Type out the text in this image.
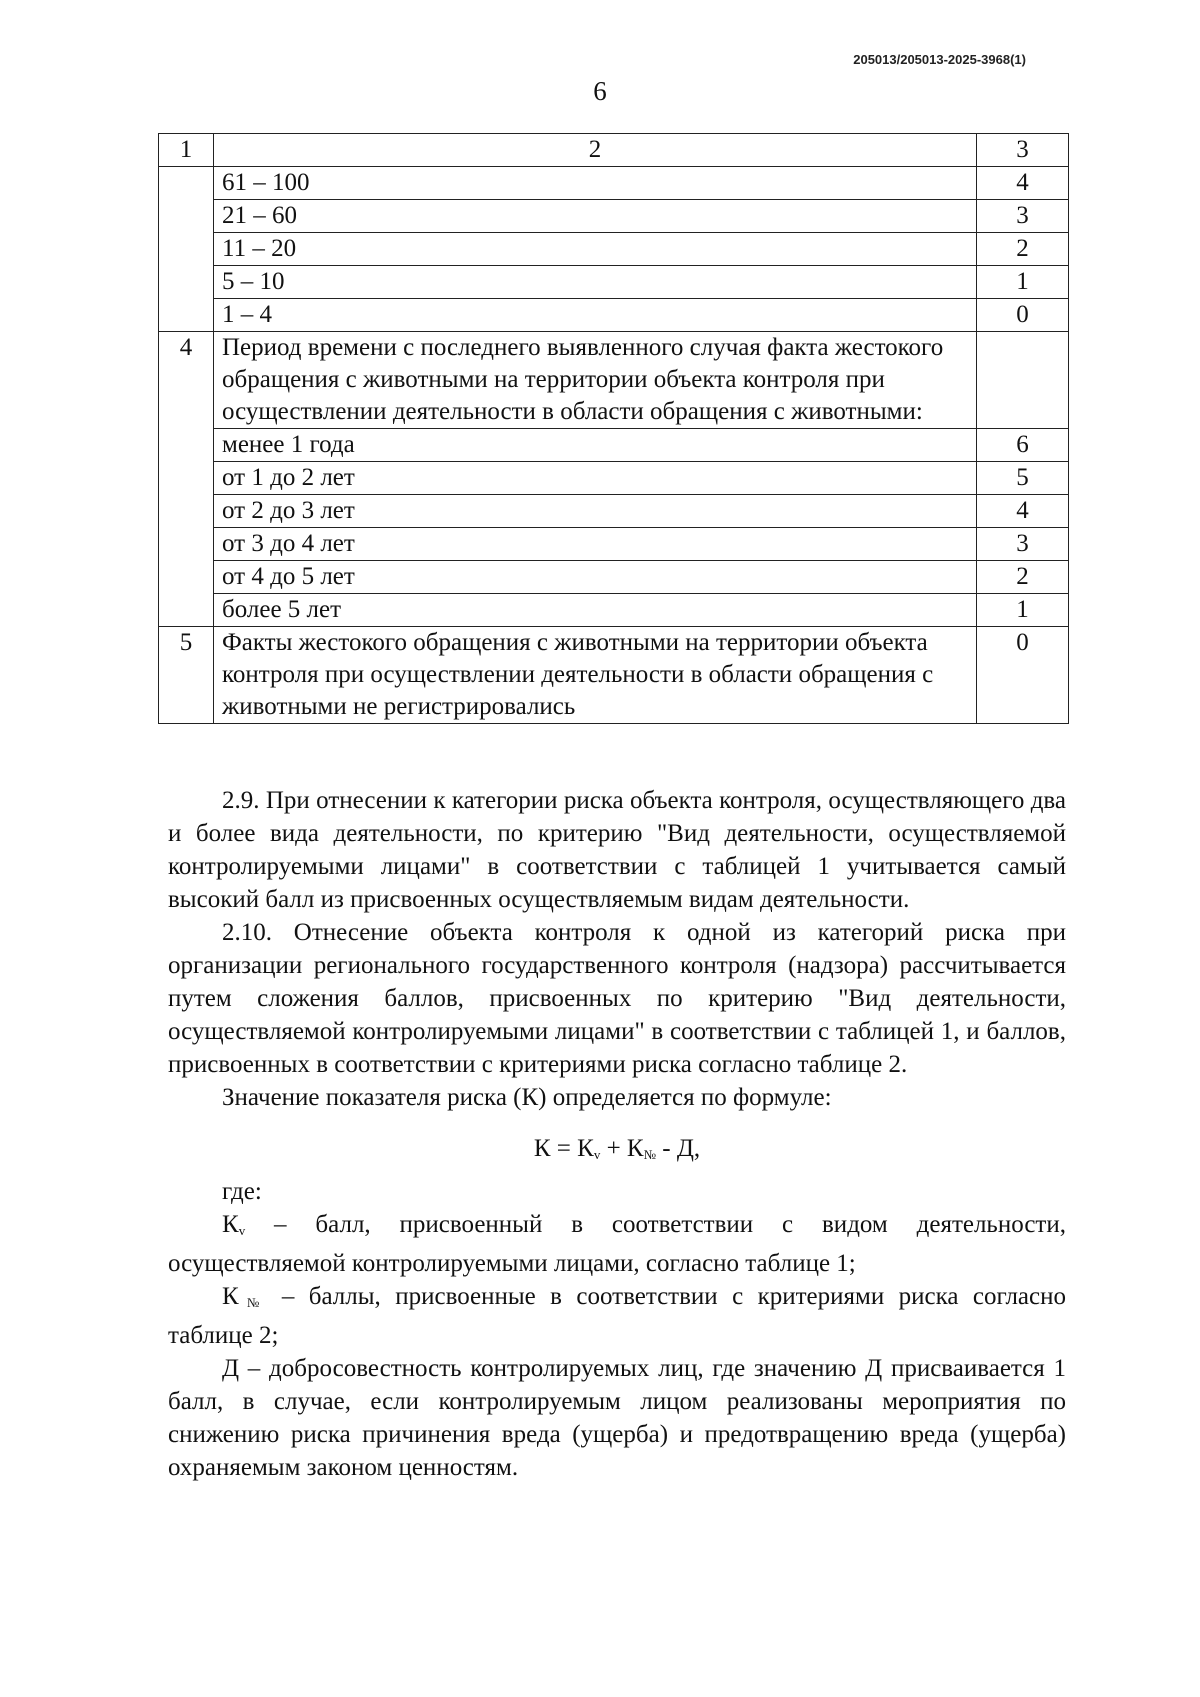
205013/205013-2025-3968(1)
6
1	2	3
	61 – 100	4
	21 – 60	3
	11 – 20	2
	5 – 10	1
	1 – 4	0
4	Период времени с последнего выявленного случая факта жестокого обращения с животными на территории объекта контроля при осуществлении деятельности в области обращения с животными:	
	менее 1 года	6
	от 1 до 2 лет	5
	от 2 до 3 лет	4
	от 3 до 4 лет	3
	от 4 до 5 лет	2
	более 5 лет	1
5	Факты жестокого обращения с животными на территории объекта контроля при осуществлении деятельности в области обращения с животными не регистрировались	0

2.9. При отнесении к категории риска объекта контроля, осуществляющего два и более вида деятельности, по критерию "Вид деятельности, осуществляемой контролируемыми лицами" в соответствии с таблицей 1 учитывается самый высокий балл из присвоенных осуществляемым видам деятельности.

2.10. Отнесение объекта контроля к одной из категорий риска при организации регионального государственного контроля (надзора) рассчитывается путем сложения баллов, присвоенных по критерию "Вид деятельности, осуществляемой контролируемыми лицами" в соответствии с таблицей 1, и баллов, присвоенных в соответствии с критериями риска согласно таблице 2.

Значение показателя риска (К) определяется по формуле:

$К = К_v + К_№ - Д$,

где:

$К_v$ – балл, присвоенный в соответствии с видом деятельности, осуществляемой контролируемыми лицами, согласно таблице 1;

$К_№$ – баллы, присвоенные в соответствии с критериями риска согласно таблице 2;

Д – добросовестность контролируемых лиц, где значению Д присваивается 1 балл, в случае, если контролируемым лицом реализованы мероприятия по снижению риска причинения вреда (ущерба) и предотвращению вреда (ущерба) охраняемым законом ценностям.
